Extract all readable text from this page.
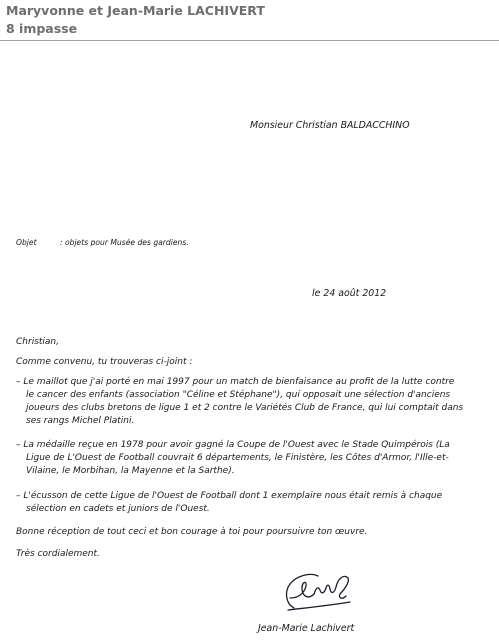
Maryvonne et Jean-Marie LACHIVERT
8 impasse
Monsieur Christian BALDACCHINO
Objet	: objets pour Musée des gardiens.
le 24 août 2012
Christian,
Comme convenu, tu trouveras ci-joint :
– Le maillot que j'ai porté en mai 1997 pour un match de bienfaisance au profit de la lutte contre
le cancer des enfants (association "Céline et Stéphane"), qui opposait une sélection d'anciens
joueurs des clubs bretons de ligue 1 et 2 contre le Variétés Club de France, qui lui comptait dans
ses rangs Michel Platini.
– La médaille reçue en 1978 pour avoir gagné la Coupe de l'Ouest avec le Stade Quimpérois (La
Ligue de L'Ouest de Football couvrait 6 départements, le Finistère, les Côtes d'Armor, l'Ille-et-
Vilaine, le Morbihan, la Mayenne et la Sarthe).
– L'écusson de cette Ligue de l'Ouest de Football dont 1 exemplaire nous était remis à chaque
sélection en cadets et juniors de l'Ouest.
Bonne réception de tout ceci et bon courage à toi pour poursuivre ton œuvre.
Très cordialement.
Jean-Marie Lachivert
